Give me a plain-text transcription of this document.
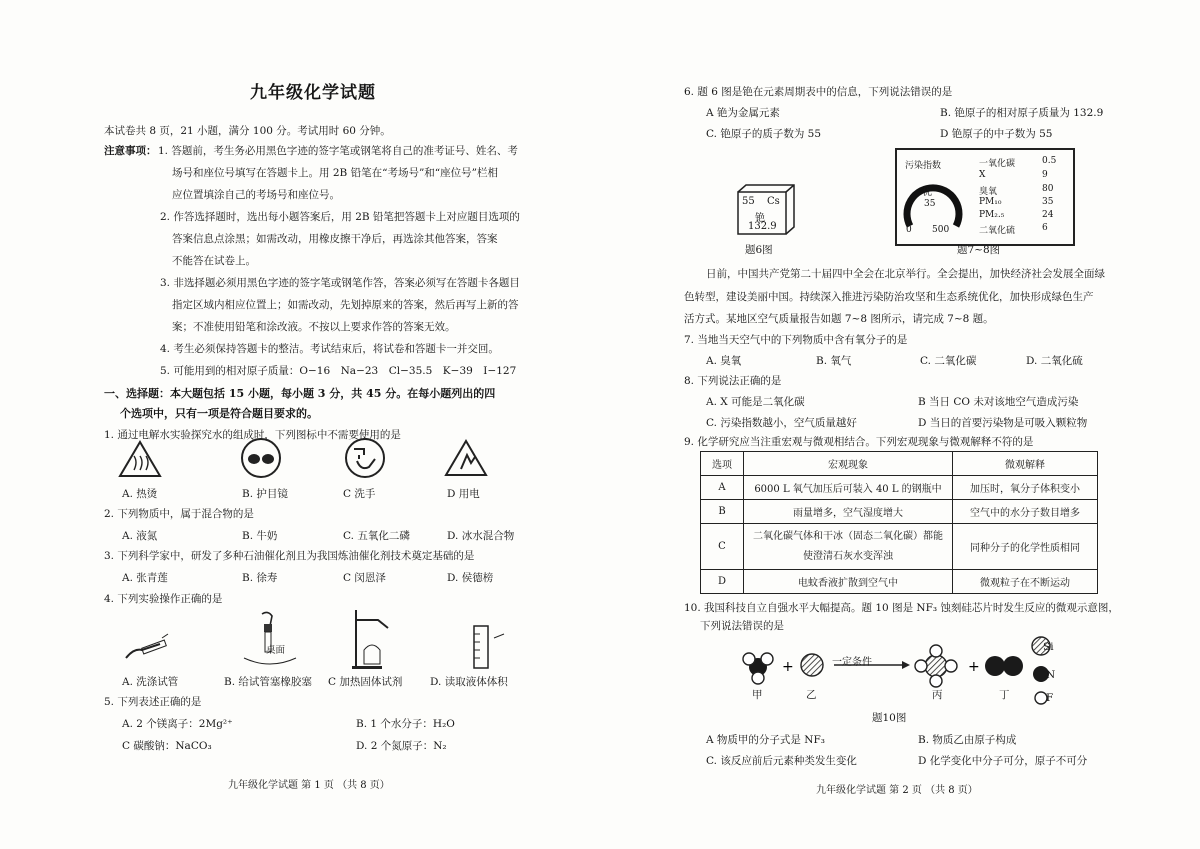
九年级化学试题
本试卷共 8 页，21 小题，满分 100 分。考试用时 60 分钟。
注意事项： 1. 答题前，考生务必用黑色字迹的签字笔或钢笔将自己的准考证号、姓名、考
场号和座位号填写在答题卡上。用 2B 铅笔在“考场号”和“座位号”栏相
应位置填涂自己的考场号和座位号。
2. 作答选择题时，选出每小题答案后，用 2B 铅笔把答题卡上对应题目选项的
答案信息点涂黑；如需改动，用橡皮擦干净后，再选涂其他答案，答案
不能答在试卷上。
3. 非选择题必须用黑色字迹的签字笔或钢笔作答，答案必须写在答题卡各题目
指定区域内相应位置上；如需改动，先划掉原来的答案，然后再写上新的答
案；不准使用铅笔和涂改液。不按以上要求作答的答案无效。
4. 考生必须保持答题卡的整洁。考试结束后，将试卷和答题卡一并交回。
5. 可能用到的相对原子质量：O−16　Na−23　Cl−35.5　K−39　I−127
一、选择题：本大题包括 15 小题，每小题 3 分，共 45 分。在每小题列出的四
个选项中，只有一项是符合题目要求的。
1. 通过电解水实验探究水的组成时，下列图标中不需要使用的是
A. 热烫	B. 护目镜	C 洗手	D 用电
2. 下列物质中，属于混合物的是
A. 液氮	B. 牛奶	C. 五氧化二磷	D. 冰水混合物
3. 下列科学家中，研发了多种石油催化剂且为我国炼油催化剂技术奠定基础的是
A. 张青莲	B. 徐寿	C 闵恩泽	D. 侯德榜
4. 下列实验操作正确的是
桌面
A. 洗涤试管	B. 给试管塞橡胶塞 C 加热固体试剂	D. 读取液体体积
5. 下列表述正确的是
A. 2 个镁离子：2Mg²⁺	B. 1 个水分子：H₂O
C 碳酸钠：NaCO₃	D. 2 个氮原子：N₂
九年级化学试题 第 1 页 （共 8 页）
6. 题 6 图是铯在元素周期表中的信息，下列说法错误的是
A 铯为金属元素	B. 铯原子的相对原子质量为 132.9
C. 铯原子的质子数为 55	D 铯原子的中子数为 55
55 Cs
铯
132.9
题6图
污染指数
优
35
0 500
一氧化碳	0.5
X	9
臭氧	80
PM₁₀	35
PM₂.₅	24
二氧化硫	6
题7~8图
日前，中国共产党第二十届四中全会在北京举行。全会提出，加快经济社会发展全面绿
色转型，建设美丽中国。持续深入推进污染防治攻坚和生态系统优化，加快形成绿色生产
活方式。某地区空气质量报告如题 7~8 图所示，请完成 7~8 题。
7. 当地当天空气中的下列物质中含有氧分子的是
A. 臭氧	B. 氧气	C. 二氧化碳	D. 二氧化硫
8. 下列说法正确的是
A. X 可能是二氧化碳	B 当日 CO 未对该地空气造成污染
C. 污染指数越小，空气质量越好	D 当日的首要污染物是可吸入颗粒物
9. 化学研究应当注重宏观与微观相结合。下列宏观现象与微观解释不符的是
选项	宏观现象	微观解释
A	6000 L 氧气加压后可装入 40 L 的钢瓶中	加压时，氧分子体积变小
B	雨量增多，空气湿度增大	空气中的水分子数目增多
C	二氧化碳气体和干冰（固态二氧化碳）都能使澄清石灰水变浑浊	同种分子的化学性质相同
D	电蚊香液扩散到空气中	微观粒子在不断运动
10. 我国科技自立自强水平大幅提高。题 10 图是 NF₃ 蚀刻硅芯片时发生反应的微观示意图，
下列说法错误的是
+	+
一定条件
Si
N
F
甲	乙	丙	丁
题10图
A 物质甲的分子式是 NF₃	B. 物质乙由原子构成
C. 该反应前后元素种类发生变化	D 化学变化中分子可分，原子不可分
九年级化学试题 第 2 页 （共 8 页）
